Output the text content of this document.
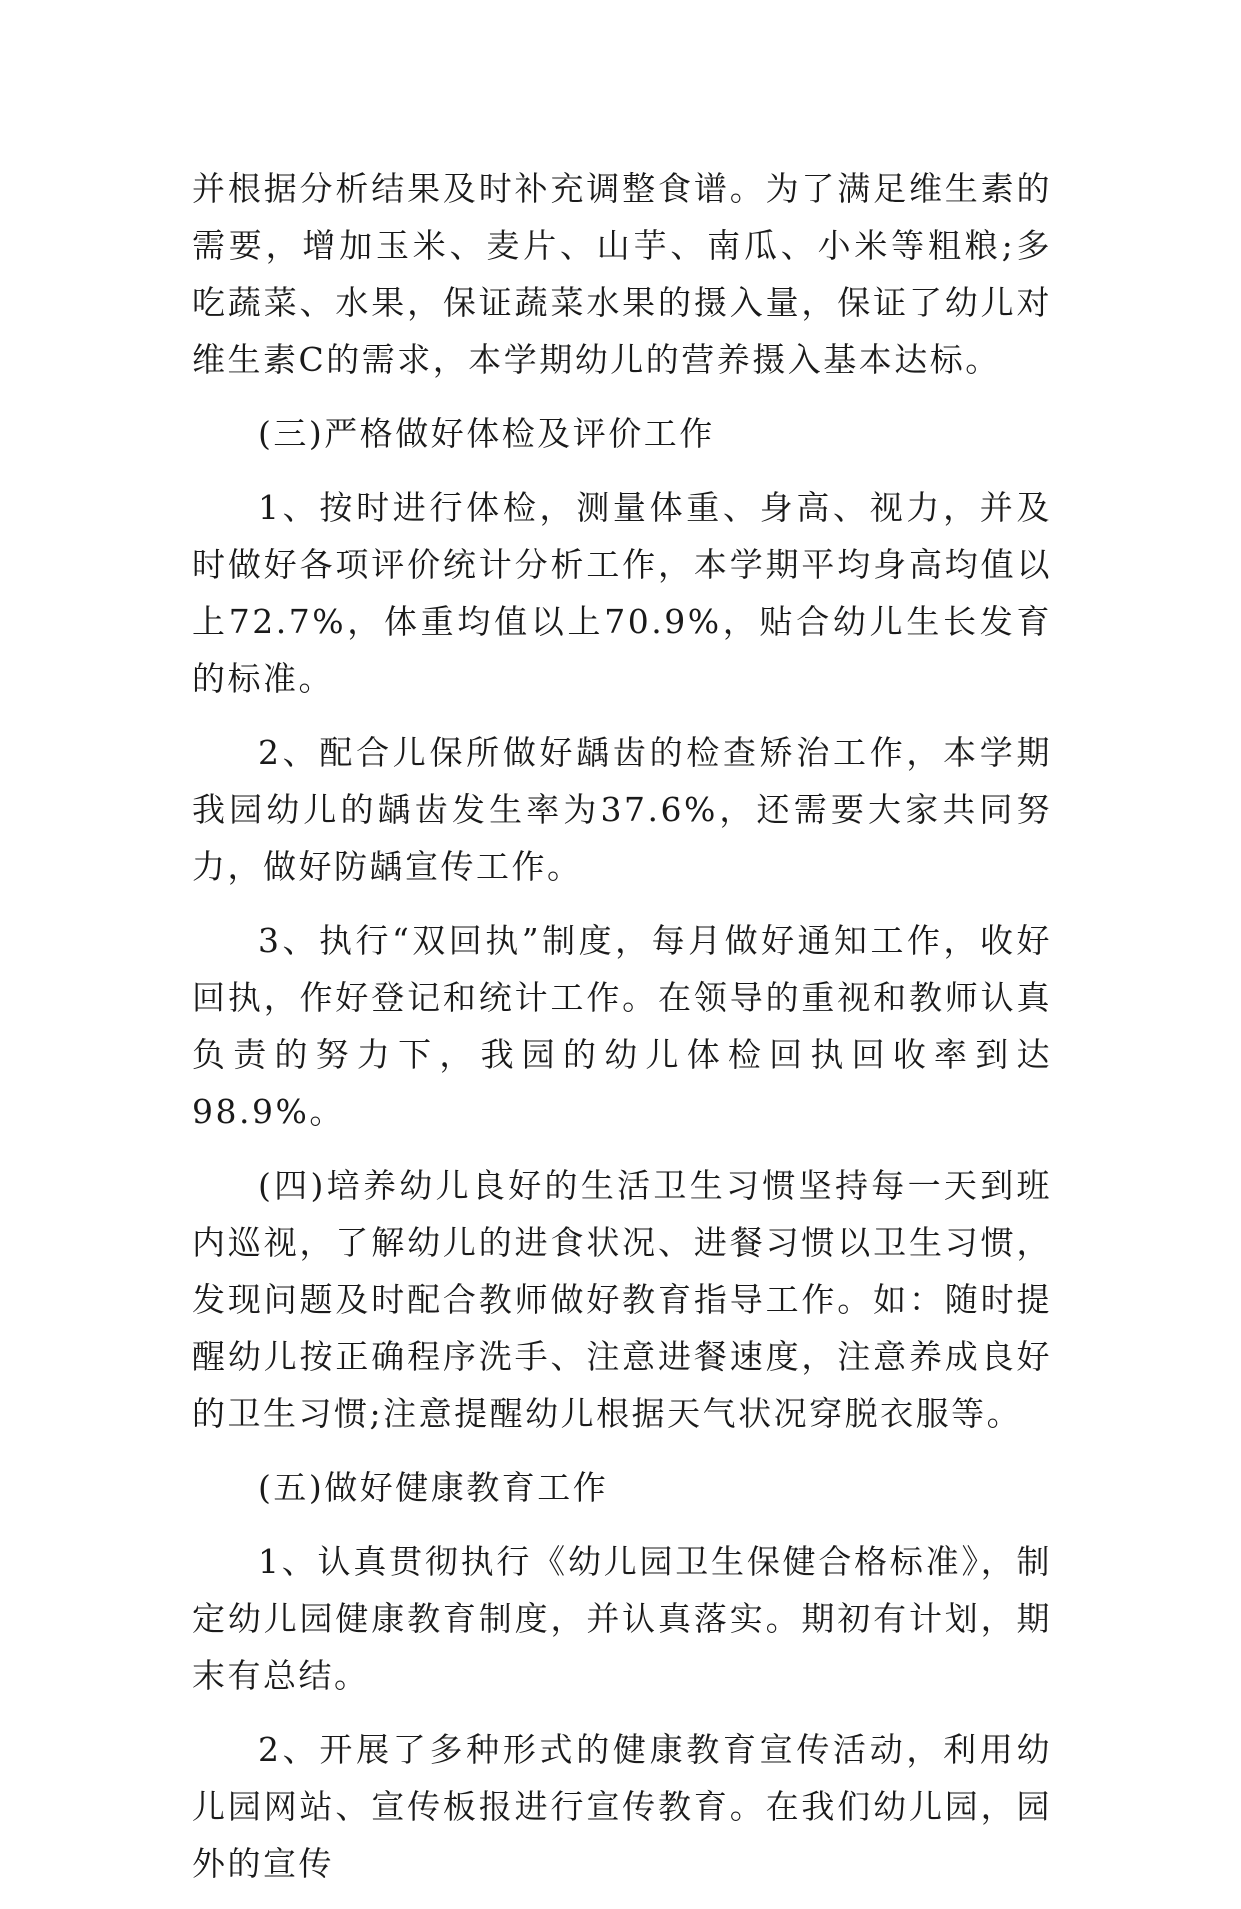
并根据分析结果及时补充调整食谱。为了满足维生素的需要，增加玉米、麦片、山芋、南瓜、小米等粗粮;多吃蔬菜、水果，保证蔬菜水果的摄入量，保证了幼儿对维生素C的需求，本学期幼儿的营养摄入基本达标。

(三)严格做好体检及评价工作

1、按时进行体检，测量体重、身高、视力，并及时做好各项评价统计分析工作，本学期平均身高均值以上72.7%，体重均值以上70.9%，贴合幼儿生长发育的标准。

2、配合儿保所做好龋齿的检查矫治工作，本学期我园幼儿的龋齿发生率为37.6%，还需要大家共同努力，做好防龋宣传工作。

3、执行“双回执”制度，每月做好通知工作，收好回执，作好登记和统计工作。在领导的重视和教师认真负责的努力下，我园的幼儿体检回执回收率到达98.9%。

(四)培养幼儿良好的生活卫生习惯坚持每一天到班内巡视，了解幼儿的进食状况、进餐习惯以卫生习惯，发现问题及时配合教师做好教育指导工作。如：随时提醒幼儿按正确程序洗手、注意进餐速度，注意养成良好的卫生习惯;注意提醒幼儿根据天气状况穿脱衣服等。

(五)做好健康教育工作

1、认真贯彻执行《幼儿园卫生保健合格标准》，制定幼儿园健康教育制度，并认真落实。期初有计划，期末有总结。

2、开展了多种形式的健康教育宣传活动，利用幼儿园网站、宣传板报进行宣传教育。在我们幼儿园，园外的宣传
